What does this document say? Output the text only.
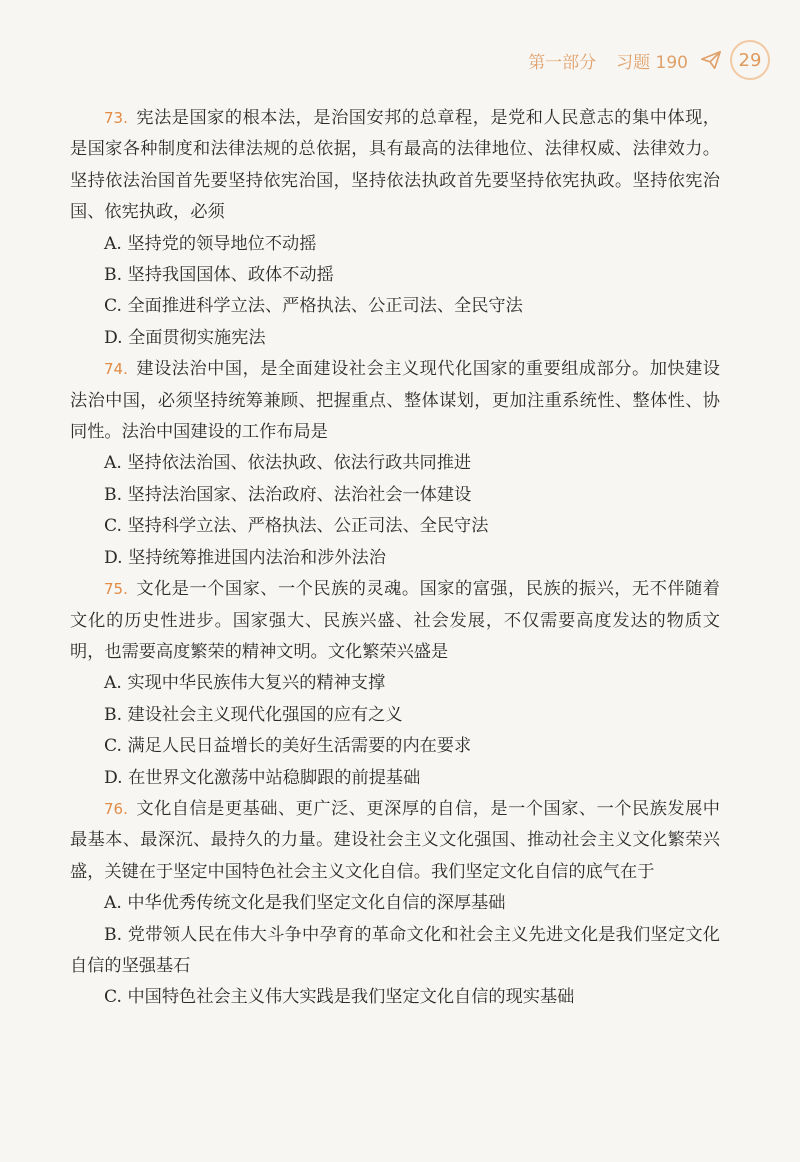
第一部分 习题 190	29

73. 宪法是国家的根本法，是治国安邦的总章程，是党和人民意志的集中体现，是国家各种制度和法律法规的总依据，具有最高的法律地位、法律权威、法律效力。坚持依法治国首先要坚持依宪治国，坚持依法执政首先要坚持依宪执政。坚持依宪治国、依宪执政，必须

A. 坚持党的领导地位不动摇

B. 坚持我国国体、政体不动摇

C. 全面推进科学立法、严格执法、公正司法、全民守法

D. 全面贯彻实施宪法

74. 建设法治中国，是全面建设社会主义现代化国家的重要组成部分。加快建设法治中国，必须坚持统筹兼顾、把握重点、整体谋划，更加注重系统性、整体性、协同性。法治中国建设的工作布局是

A. 坚持依法治国、依法执政、依法行政共同推进

B. 坚持法治国家、法治政府、法治社会一体建设

C. 坚持科学立法、严格执法、公正司法、全民守法

D. 坚持统筹推进国内法治和涉外法治

75. 文化是一个国家、一个民族的灵魂。国家的富强，民族的振兴，无不伴随着文化的历史性进步。国家强大、民族兴盛、社会发展，不仅需要高度发达的物质文明，也需要高度繁荣的精神文明。文化繁荣兴盛是

A. 实现中华民族伟大复兴的精神支撑

B. 建设社会主义现代化强国的应有之义

C. 满足人民日益增长的美好生活需要的内在要求

D. 在世界文化激荡中站稳脚跟的前提基础

76. 文化自信是更基础、更广泛、更深厚的自信，是一个国家、一个民族发展中最基本、最深沉、最持久的力量。建设社会主义文化强国、推动社会主义文化繁荣兴盛，关键在于坚定中国特色社会主义文化自信。我们坚定文化自信的底气在于

A. 中华优秀传统文化是我们坚定文化自信的深厚基础

B. 党带领人民在伟大斗争中孕育的革命文化和社会主义先进文化是我们坚定文化自信的坚强基石

C. 中国特色社会主义伟大实践是我们坚定文化自信的现实基础
